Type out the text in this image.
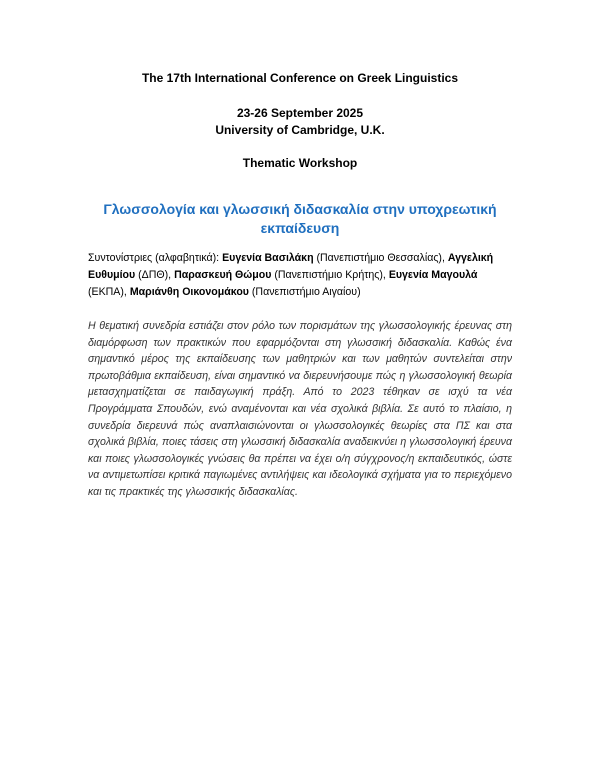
The 17th International Conference on Greek Linguistics
23-26 September 2025
University of Cambridge, U.K.
Thematic Workshop
Γλωσσολογία και γλωσσική διδασκαλία στην υποχρεωτική εκπαίδευση
Συντονίστριες (αλφαβητικά): Ευγενία Βασιλάκη (Πανεπιστήμιο Θεσσαλίας), Αγγελική Ευθυμίου (ΔΠΘ), Παρασκευή Θώμου (Πανεπιστήμιο Κρήτης), Ευγενία Μαγουλά (ΕΚΠΑ), Μαριάνθη Οικονομάκου (Πανεπιστήμιο Αιγαίου)
Η θεματική συνεδρία εστιάζει στον ρόλο των πορισμάτων της γλωσσολογικής έρευνας στη διαμόρφωση των πρακτικών που εφαρμόζονται στη γλωσσική διδασκαλία. Καθώς ένα σημαντικό μέρος της εκπαίδευσης των μαθητριών και των μαθητών συντελείται στην πρωτοβάθμια εκπαίδευση, είναι σημαντικό να διερευνήσουμε πώς η γλωσσολογική θεωρία μετασχηματίζεται σε παιδαγωγική πράξη. Από το 2023 τέθηκαν σε ισχύ τα νέα Προγράμματα Σπουδών, ενώ αναμένονται και νέα σχολικά βιβλία. Σε αυτό το πλαίσιο, η συνεδρία διερευνά πώς αναπλαισιώνονται οι γλωσσολογικές θεωρίες στα ΠΣ και στα σχολικά βιβλία, ποιες τάσεις στη γλωσσική διδασκαλία αναδεικνύει η γλωσσολογική έρευνα και ποιες γλωσσολογικές γνώσεις θα πρέπει να έχει ο/η σύγχρονος/η εκπαιδευτικός, ώστε να αντιμετωπίσει κριτικά παγιωμένες αντιλήψεις και ιδεολογικά σχήματα για το περιεχόμενο και τις πρακτικές της γλωσσικής διδασκαλίας.
